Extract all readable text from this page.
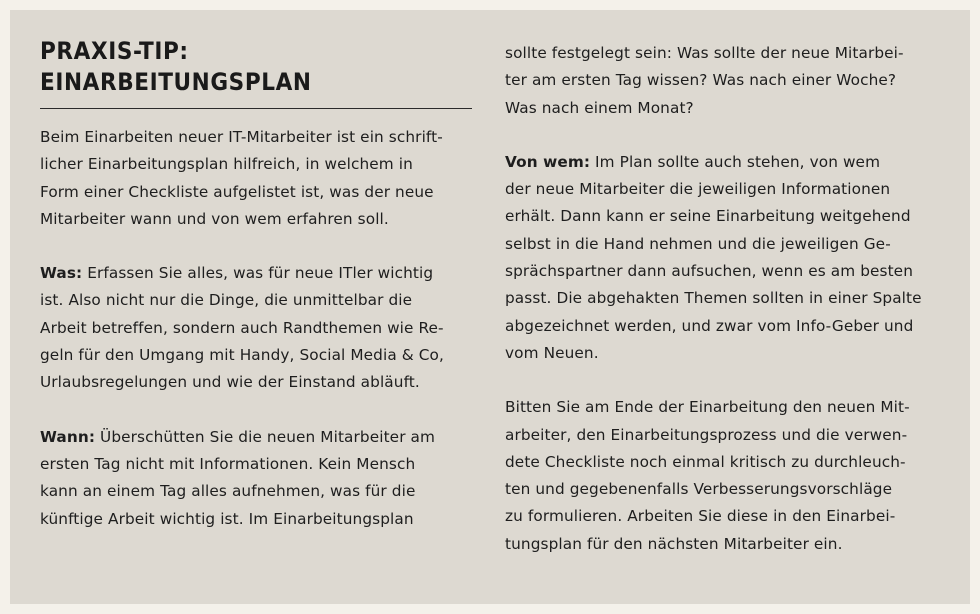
PRAXIS-TIP:
EINARBEITUNGSPLAN

Beim Einarbeiten neuer IT-Mitarbeiter ist ein schrift-
licher Einarbeitungsplan hilfreich, in welchem in
Form einer Checkliste aufgelistet ist, was der neue
Mitarbeiter wann und von wem erfahren soll.

Was: Erfassen Sie alles, was für neue ITler wichtig
ist. Also nicht nur die Dinge, die unmittelbar die
Arbeit betreffen, sondern auch Randthemen wie Re-
geln für den Umgang mit Handy, Social Media & Co,
Urlaubsregelungen und wie der Einstand abläuft.

Wann: Überschütten Sie die neuen Mitarbeiter am
ersten Tag nicht mit Informationen. Kein Mensch
kann an einem Tag alles aufnehmen, was für die
künftige Arbeit wichtig ist. Im Einarbeitungsplan

sollte festgelegt sein: Was sollte der neue Mitarbei-
ter am ersten Tag wissen? Was nach einer Woche?
Was nach einem Monat?

Von wem: Im Plan sollte auch stehen, von wem
der neue Mitarbeiter die jeweiligen Informationen
erhält. Dann kann er seine Einarbeitung weitgehend
selbst in die Hand nehmen und die jeweiligen Ge-
sprächspartner dann aufsuchen, wenn es am besten
passt. Die abgehakten Themen sollten in einer Spalte
abgezeichnet werden, und zwar vom Info-Geber und
vom Neuen.

Bitten Sie am Ende der Einarbeitung den neuen Mit-
arbeiter, den Einarbeitungsprozess und die verwen-
dete Checkliste noch einmal kritisch zu durchleuch-
ten und gegebenenfalls Verbesserungsvorschläge
zu formulieren. Arbeiten Sie diese in den Einarbei-
tungsplan für den nächsten Mitarbeiter ein.
